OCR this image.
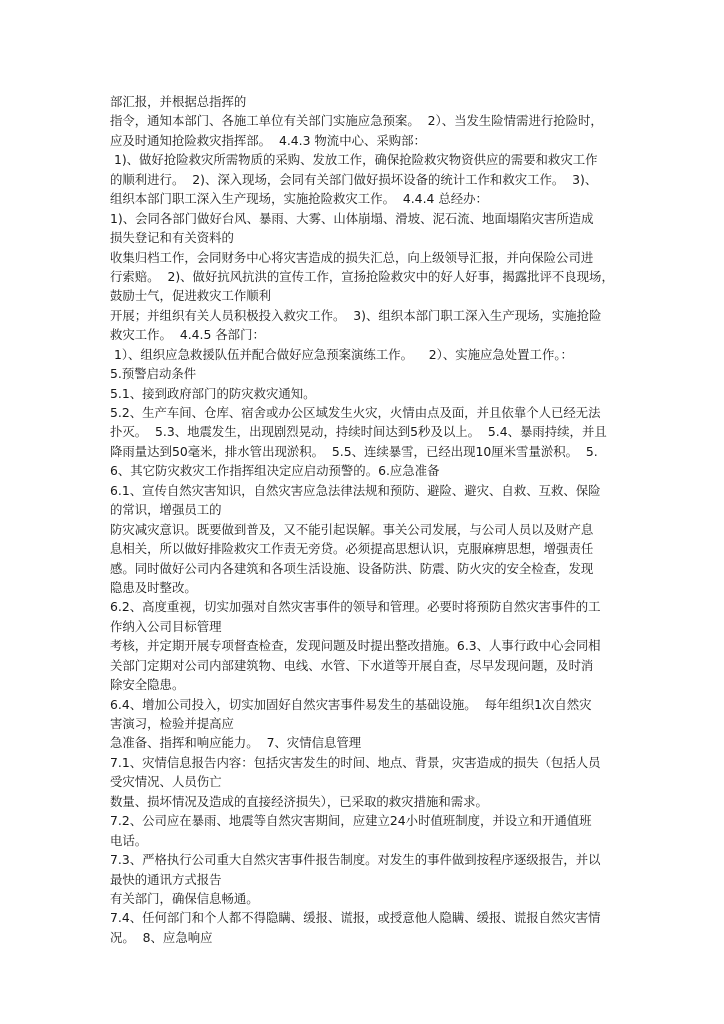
部汇报，并根据总指挥的
指令，通知本部门、各施工单位有关部门实施应急预案。  2）、当发生险情需进行抢险时，
应及时通知抢险救灾指挥部。  4.4.3 物流中心、采购部：
1)、做好抢险救灾所需物质的采购、发放工作，确保抢险救灾物资供应的需要和救灾工作
的顺利进行。  2)、深入现场，会同有关部门做好损坏设备的统计工作和救灾工作。  3)、
组织本部门职工深入生产现场，实施抢险救灾工作。  4.4.4 总经办：
1)、会同各部门做好台风、暴雨、大雾、山体崩塌、滑坡、泥石流、地面塌陷灾害所造成
损失登记和有关资料的
收集归档工作，会同财务中心将灾害造成的损失汇总，向上级领导汇报，并向保险公司进
行索赔。  2)、做好抗风抗洪的宣传工作，宣扬抢险救灾中的好人好事，揭露批评不良现场，
鼓励士气，促进救灾工作顺利
开展；并组织有关人员积极投入救灾工作。  3)、组织本部门职工深入生产现场，实施抢险
救灾工作。  4.4.5 各部门：
1）、组织应急救援队伍并配合做好应急预案演练工作。    2）、实施应急处置工作。：
5.预警启动条件
5.1、接到政府部门的防灾救灾通知。
5.2、生产车间、仓库、宿舍或办公区域发生火灾，火情由点及面，并且依靠个人已经无法
扑灭。  5.3、地震发生，出现剧烈晃动，持续时间达到5秒及以上。  5.4、暴雨持续，并且
降雨量达到50毫米，排水管出现淤积。  5.5、连续暴雪，已经出现10厘米雪量淤积。  5.
6、其它防灾救灾工作指挥组决定应启动预警的。6.应急准备
6.1、宣传自然灾害知识，自然灾害应急法律法规和预防、避险、避灾、自救、互救、保险
的常识，增强员工的
防灾减灾意识。既要做到普及，又不能引起误解。事关公司发展，与公司人员以及财产息
息相关，所以做好排险救灾工作责无旁贷。必须提高思想认识，克服麻痹思想，增强责任
感。同时做好公司内各建筑和各项生活设施、设备防洪、防震、防火灾的安全检查，发现
隐患及时整改。
6.2、高度重视，切实加强对自然灾害事件的领导和管理。必要时将预防自然灾害事件的工
作纳入公司目标管理
考核，并定期开展专项督查检查，发现问题及时提出整改措施。6.3、人事行政中心会同相
关部门定期对公司内部建筑物、电线、水管、下水道等开展自查，尽早发现问题，及时消
除安全隐患。
6.4、增加公司投入，切实加固好自然灾害事件易发生的基础设施。  每年组织1次自然灾
害演习，检验并提高应
急准备、指挥和响应能力。  7、灾情信息管理
7.1、灾情信息报告内容：包括灾害发生的时间、地点、背景，灾害造成的损失（包括人员
受灾情况、人员伤亡
数量、损坏情况及造成的直接经济损失），已采取的救灾措施和需求。
7.2、公司应在暴雨、地震等自然灾害期间，应建立24小时值班制度，并设立和开通值班
电话。
7.3、严格执行公司重大自然灾害事件报告制度。对发生的事件做到按程序逐级报告，并以
最快的通讯方式报告
有关部门，确保信息畅通。
7.4、任何部门和个人都不得隐瞒、缓报、谎报，或授意他人隐瞒、缓报、谎报自然灾害情
况。  8、应急响应
